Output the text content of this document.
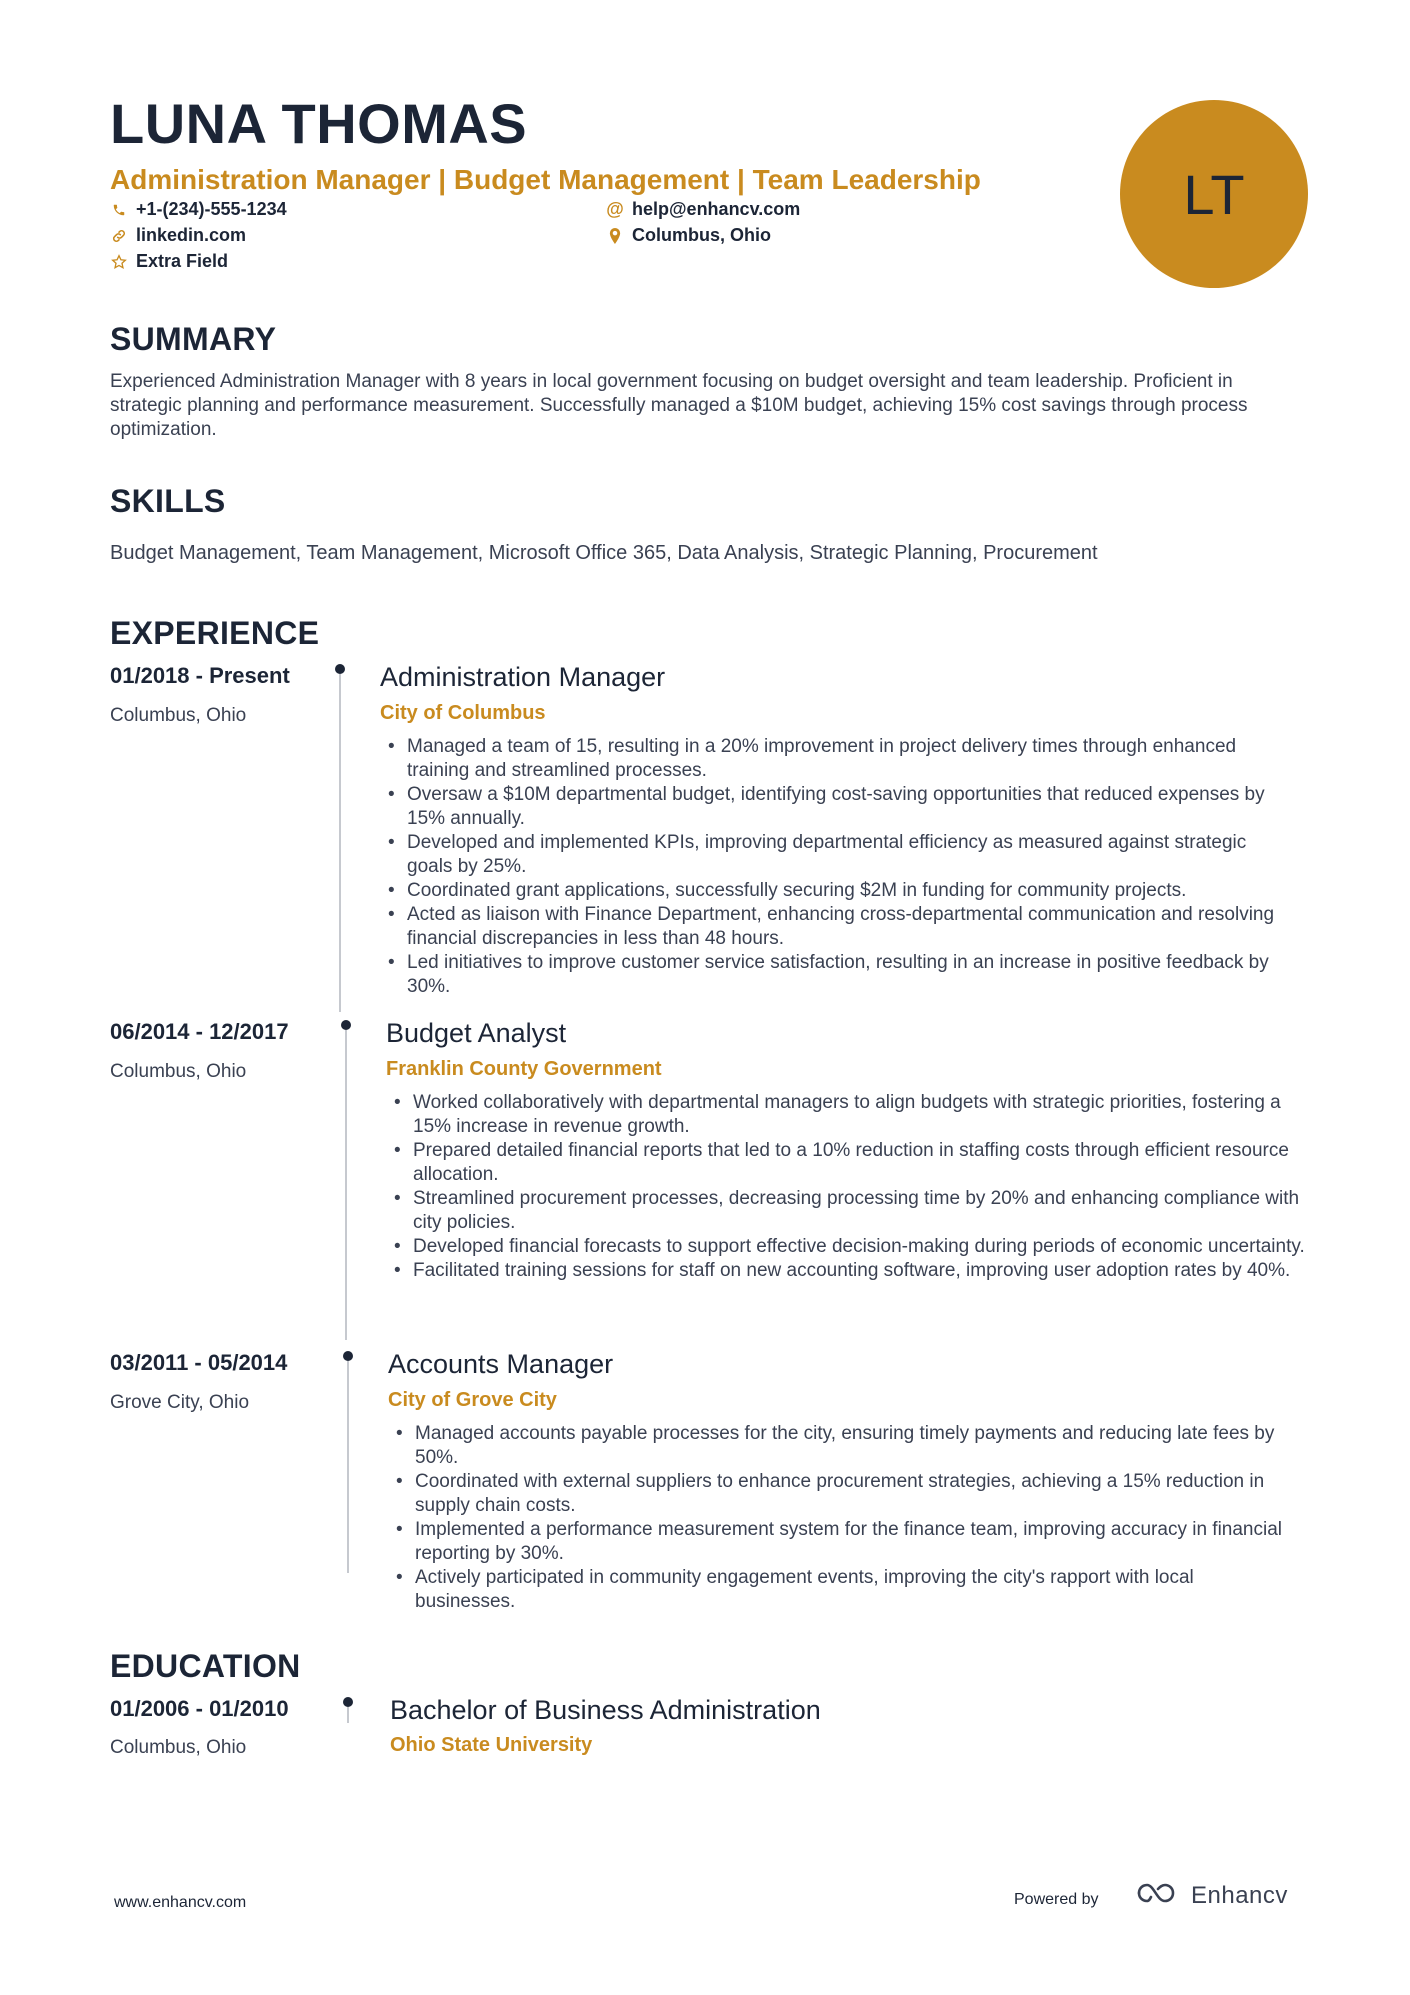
LUNA THOMAS
Administration Manager | Budget Management | Team Leadership
+1-(234)-555-1234	@ help@enhancv.com
linkedin.com	Columbus, Ohio
Extra Field
LT
SUMMARY
Experienced Administration Manager with 8 years in local government focusing on budget oversight and team leadership. Proficient in strategic planning and performance measurement. Successfully managed a $10M budget, achieving 15% cost savings through process optimization.
SKILLS
Budget Management, Team Management, Microsoft Office 365, Data Analysis, Strategic Planning, Procurement
EXPERIENCE
01/2018 - Present
Columbus, Ohio
Administration Manager
City of Columbus
• Managed a team of 15, resulting in a 20% improvement in project delivery times through enhanced training and streamlined processes.
• Oversaw a $10M departmental budget, identifying cost-saving opportunities that reduced expenses by 15% annually.
• Developed and implemented KPIs, improving departmental efficiency as measured against strategic goals by 25%.
• Coordinated grant applications, successfully securing $2M in funding for community projects.
• Acted as liaison with Finance Department, enhancing cross-departmental communication and resolving financial discrepancies in less than 48 hours.
• Led initiatives to improve customer service satisfaction, resulting in an increase in positive feedback by 30%.
06/2014 - 12/2017
Columbus, Ohio
Budget Analyst
Franklin County Government
• Worked collaboratively with departmental managers to align budgets with strategic priorities, fostering a 15% increase in revenue growth.
• Prepared detailed financial reports that led to a 10% reduction in staffing costs through efficient resource allocation.
• Streamlined procurement processes, decreasing processing time by 20% and enhancing compliance with city policies.
• Developed financial forecasts to support effective decision-making during periods of economic uncertainty.
• Facilitated training sessions for staff on new accounting software, improving user adoption rates by 40%.
03/2011 - 05/2014
Grove City, Ohio
Accounts Manager
City of Grove City
• Managed accounts payable processes for the city, ensuring timely payments and reducing late fees by 50%.
• Coordinated with external suppliers to enhance procurement strategies, achieving a 15% reduction in supply chain costs.
• Implemented a performance measurement system for the finance team, improving accuracy in financial reporting by 30%.
• Actively participated in community engagement events, improving the city's rapport with local businesses.
EDUCATION
01/2006 - 01/2010
Columbus, Ohio
Bachelor of Business Administration
Ohio State University
www.enhancv.com	Powered by	Enhancv
